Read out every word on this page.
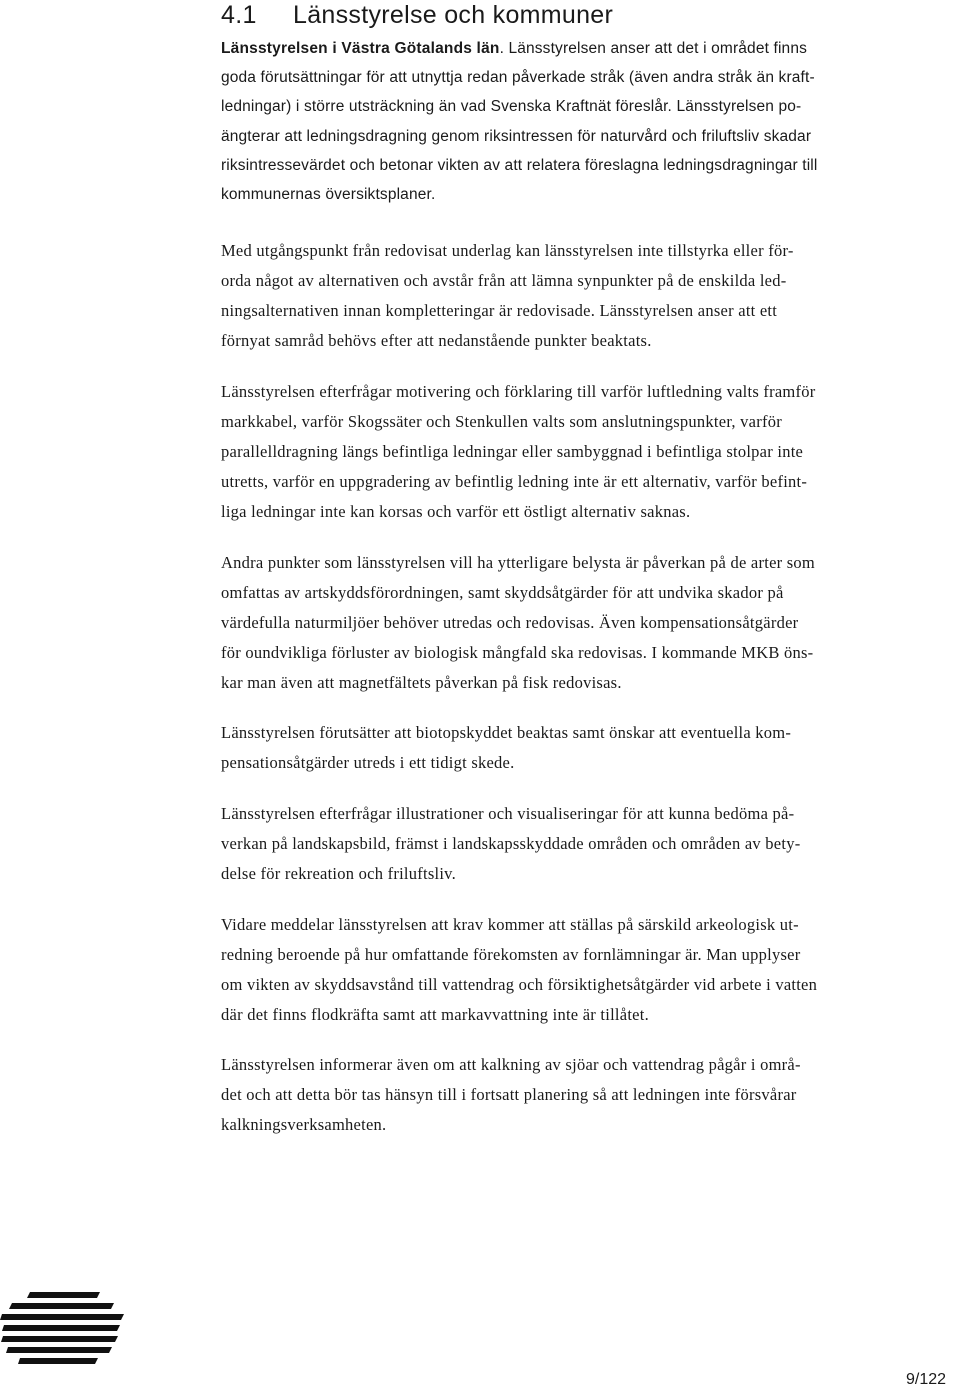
4.1 Länsstyrelse och kommuner
Länsstyrelsen i Västra Götalands län. Länsstyrelsen anser att det i området finns
goda förutsättningar för att utnyttja redan påverkade stråk (även andra stråk än kraft-
ledningar) i större utsträckning än vad Svenska Kraftnät föreslår. Länsstyrelsen po-
ängterar att ledningsdragning genom riksintressen för naturvård och friluftsliv skadar
riksintressevärdet och betonar vikten av att relatera föreslagna ledningsdragningar till
kommunernas översiktsplaner.
Med utgångspunkt från redovisat underlag kan länsstyrelsen inte tillstyrka eller för-
orda något av alternativen och avstår från att lämna synpunkter på de enskilda led-
ningsalternativen innan kompletteringar är redovisade. Länsstyrelsen anser att ett
förnyat samråd behövs efter att nedanstående punkter beaktats.
Länsstyrelsen efterfrågar motivering och förklaring till varför luftledning valts framför
markkabel, varför Skogssäter och Stenkullen valts som anslutningspunkter, varför
parallelldragning längs befintliga ledningar eller sambyggnad i befintliga stolpar inte
utretts, varför en uppgradering av befintlig ledning inte är ett alternativ, varför befint-
liga ledningar inte kan korsas och varför ett östligt alternativ saknas.
Andra punkter som länsstyrelsen vill ha ytterligare belysta är påverkan på de arter som
omfattas av artskyddsförordningen, samt skyddsåtgärder för att undvika skador på
värdefulla naturmiljöer behöver utredas och redovisas. Även kompensationsåtgärder
för oundvikliga förluster av biologisk mångfald ska redovisas. I kommande MKB öns-
kar man även att magnetfältets påverkan på fisk redovisas.
Länsstyrelsen förutsätter att biotopskyddet beaktas samt önskar att eventuella kom-
pensationsåtgärder utreds i ett tidigt skede.
Länsstyrelsen efterfrågar illustrationer och visualiseringar för att kunna bedöma på-
verkan på landskapsbild, främst i landskapsskyddade områden och områden av bety-
delse för rekreation och friluftsliv.
Vidare meddelar länsstyrelsen att krav kommer att ställas på särskild arkeologisk ut-
redning beroende på hur omfattande förekomsten av fornlämningar är. Man upplyser
om vikten av skyddsavstånd till vattendrag och försiktighetsåtgärder vid arbete i vatten
där det finns flodkräfta samt att markavvattning inte är tillåtet.
Länsstyrelsen informerar även om att kalkning av sjöar och vattendrag pågår i områ-
det och att detta bör tas hänsyn till i fortsatt planering så att ledningen inte försvårar
kalkningsverksamheten.
9/122
